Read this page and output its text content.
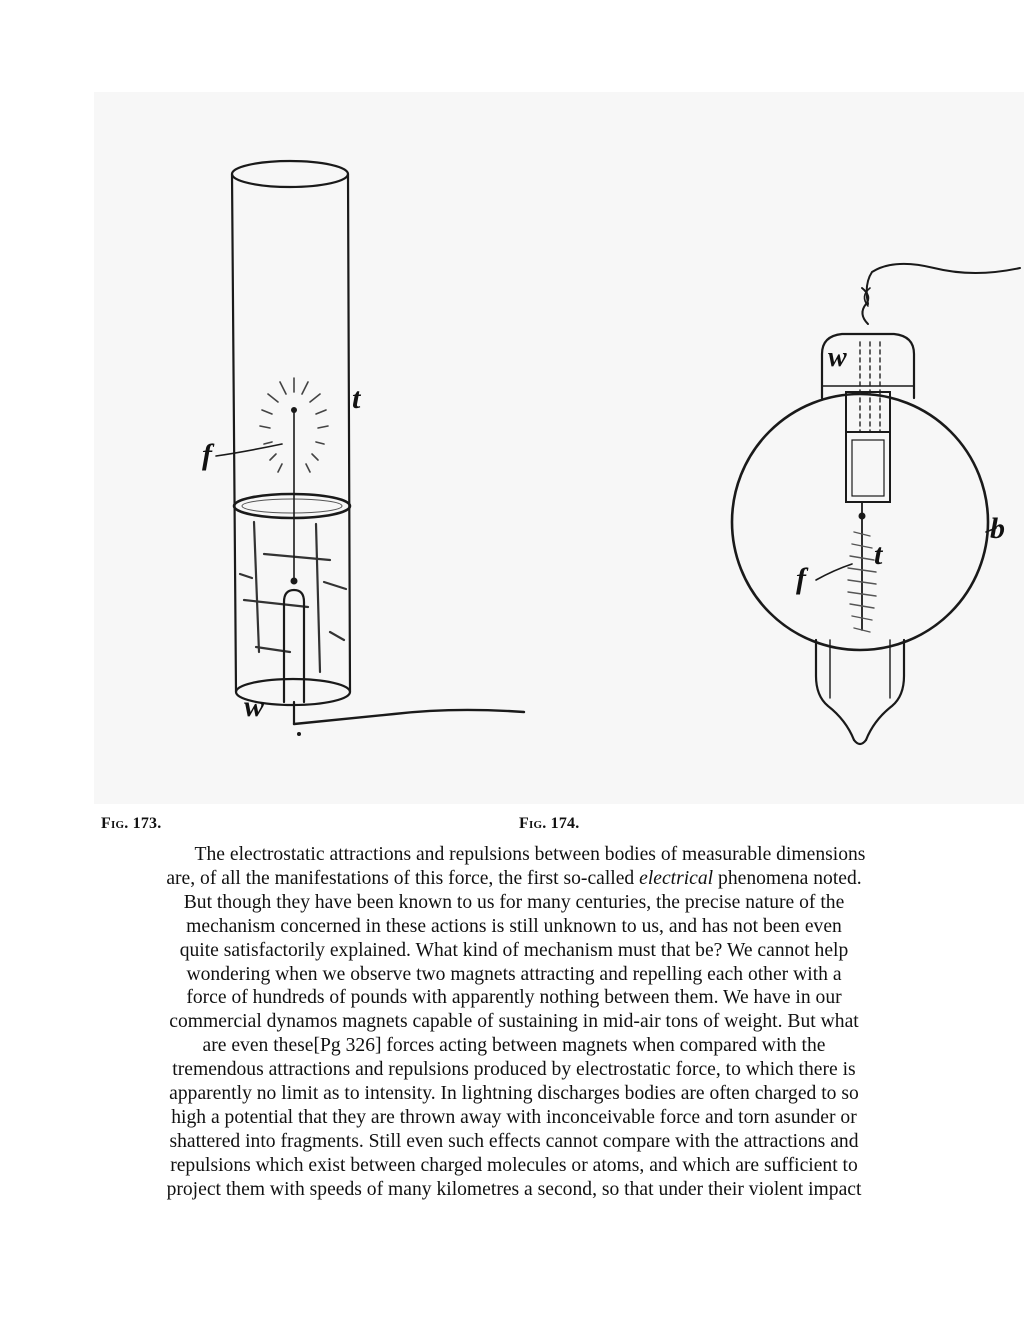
f
t
w
w
f
t
b
Fig. 173.	Fig. 174.
The electrostatic attractions and repulsions between bodies of measurable dimensions
are, of all the manifestations of this force, the first so-called electrical phenomena noted.
But though they have been known to us for many centuries, the precise nature of the
mechanism concerned in these actions is still unknown to us, and has not been even
quite satisfactorily explained. What kind of mechanism must that be? We cannot help
wondering when we observe two magnets attracting and repelling each other with a
force of hundreds of pounds with apparently nothing between them. We have in our
commercial dynamos magnets capable of sustaining in mid-air tons of weight. But what
are even these[Pg 326] forces acting between magnets when compared with the
tremendous attractions and repulsions produced by electrostatic force, to which there is
apparently no limit as to intensity. In lightning discharges bodies are often charged to so
high a potential that they are thrown away with inconceivable force and torn asunder or
shattered into fragments. Still even such effects cannot compare with the attractions and
repulsions which exist between charged molecules or atoms, and which are sufficient to
project them with speeds of many kilometres a second, so that under their violent impact
